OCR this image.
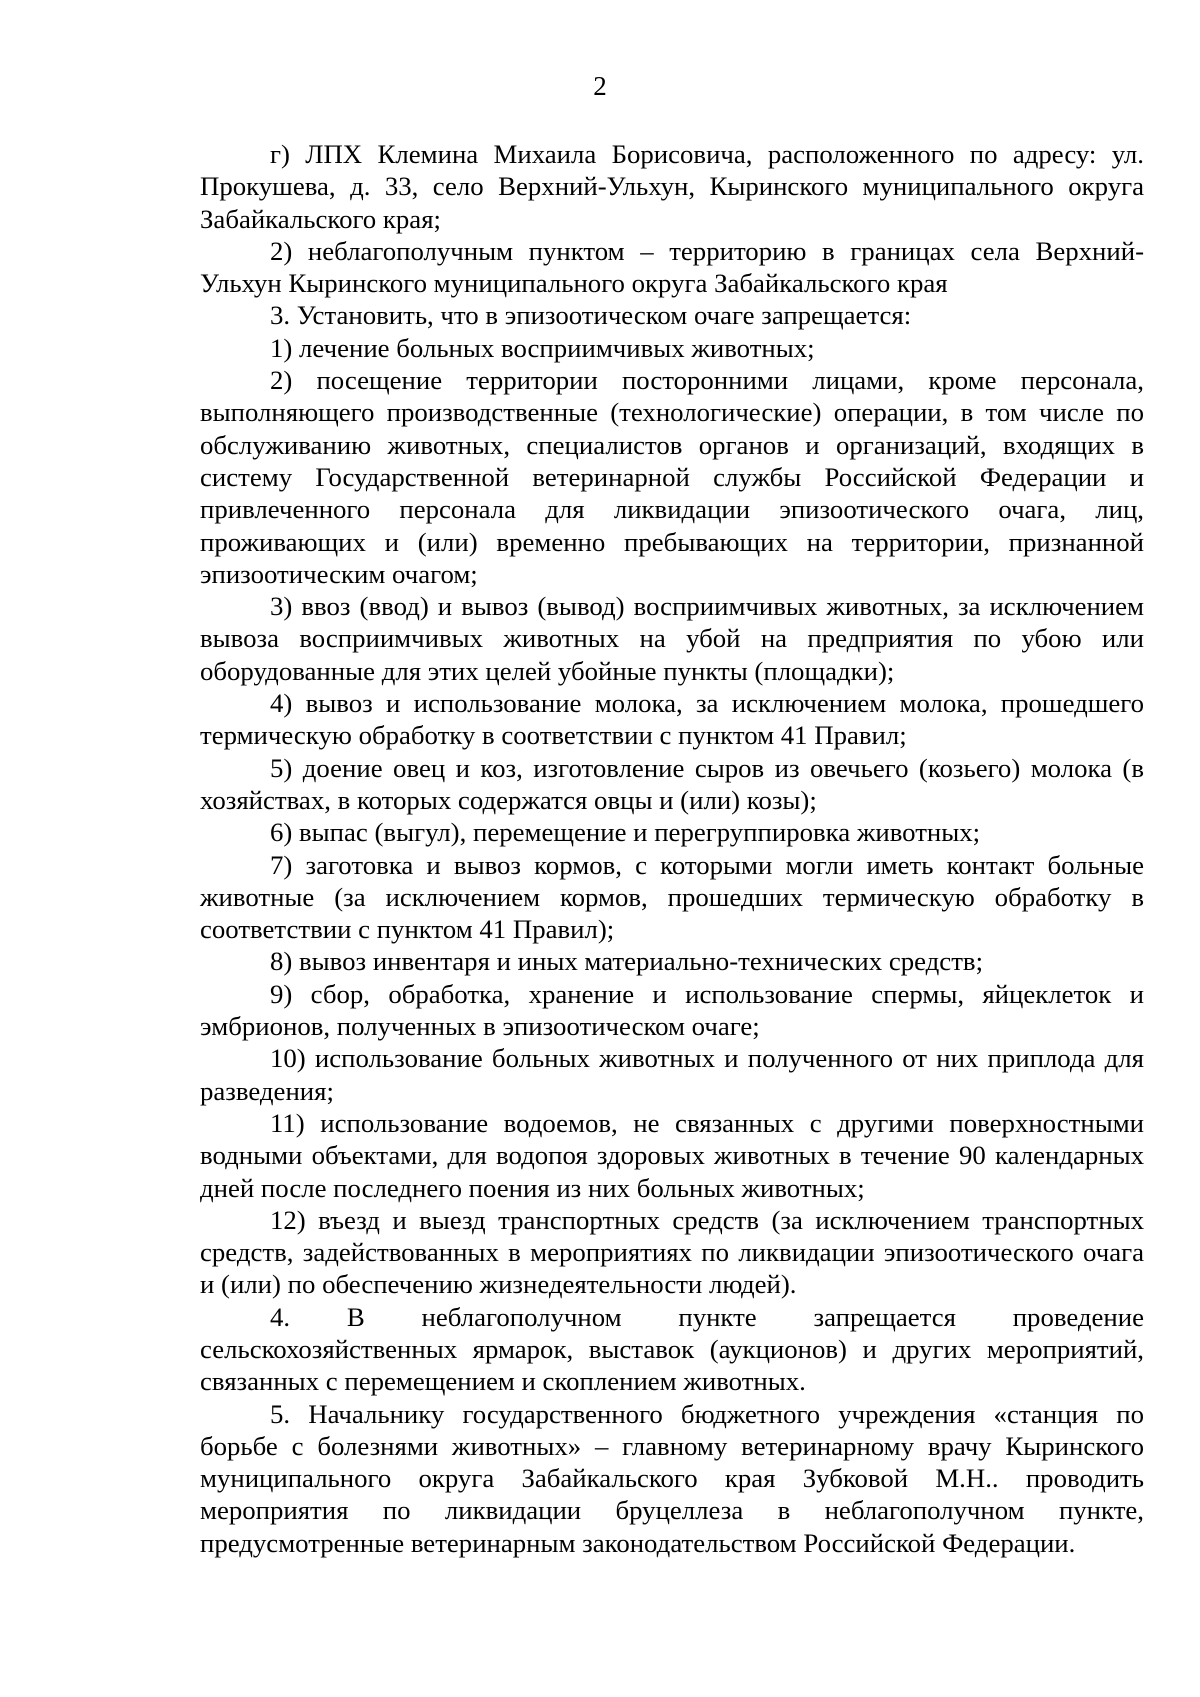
2

г) ЛПХ Клемина Михаила Борисовича, расположенного по адресу: ул. Прокушева, д. 33, село Верхний-Ульхун, Кыринского муниципального округа Забайкальского края;

2) неблагополучным пунктом – территорию в границах села Верхний-Ульхун Кыринского муниципального округа Забайкальского края

3. Установить, что в эпизоотическом очаге запрещается:

1) лечение больных восприимчивых животных;

2) посещение территории посторонними лицами, кроме персонала, выполняющего производственные (технологические) операции, в том числе по обслуживанию животных, специалистов органов и организаций, входящих в систему Государственной ветеринарной службы Российской Федерации и привлеченного персонала для ликвидации эпизоотического очага, лиц, проживающих и (или) временно пребывающих на территории, признанной эпизоотическим очагом;

3) ввоз (ввод) и вывоз (вывод) восприимчивых животных, за исключением вывоза восприимчивых животных на убой на предприятия по убою или оборудованные для этих целей убойные пункты (площадки);

4) вывоз и использование молока, за исключением молока, прошедшего термическую обработку в соответствии с пунктом 41 Правил;

5) доение овец и коз, изготовление сыров из овечьего (козьего) молока (в хозяйствах, в которых содержатся овцы и (или) козы);

6) выпас (выгул), перемещение и перегруппировка животных;

7) заготовка и вывоз кормов, с которыми могли иметь контакт больные животные (за исключением кормов, прошедших термическую обработку в соответствии с пунктом 41 Правил);

8) вывоз инвентаря и иных материально-технических средств;

9) сбор, обработка, хранение и использование спермы, яйцеклеток и эмбрионов, полученных в эпизоотическом очаге;

10) использование больных животных и полученного от них приплода для разведения;

11) использование водоемов, не связанных с другими поверхностными водными объектами, для водопоя здоровых животных в течение 90 календарных дней после последнего поения из них больных животных;

12) въезд и выезд транспортных средств (за исключением транспортных средств, задействованных в мероприятиях по ликвидации эпизоотического очага и (или) по обеспечению жизнедеятельности людей).

4. В неблагополучном пункте запрещается проведение сельскохозяйственных ярмарок, выставок (аукционов) и других мероприятий, связанных с перемещением и скоплением животных.

5. Начальнику государственного бюджетного учреждения «станция по борьбе с болезнями животных» – главному ветеринарному врачу Кыринского муниципального округа Забайкальского края Зубковой М.Н.. проводить мероприятия по ликвидации бруцеллеза в неблагополучном пункте, предусмотренные ветеринарным законодательством Российской Федерации.
